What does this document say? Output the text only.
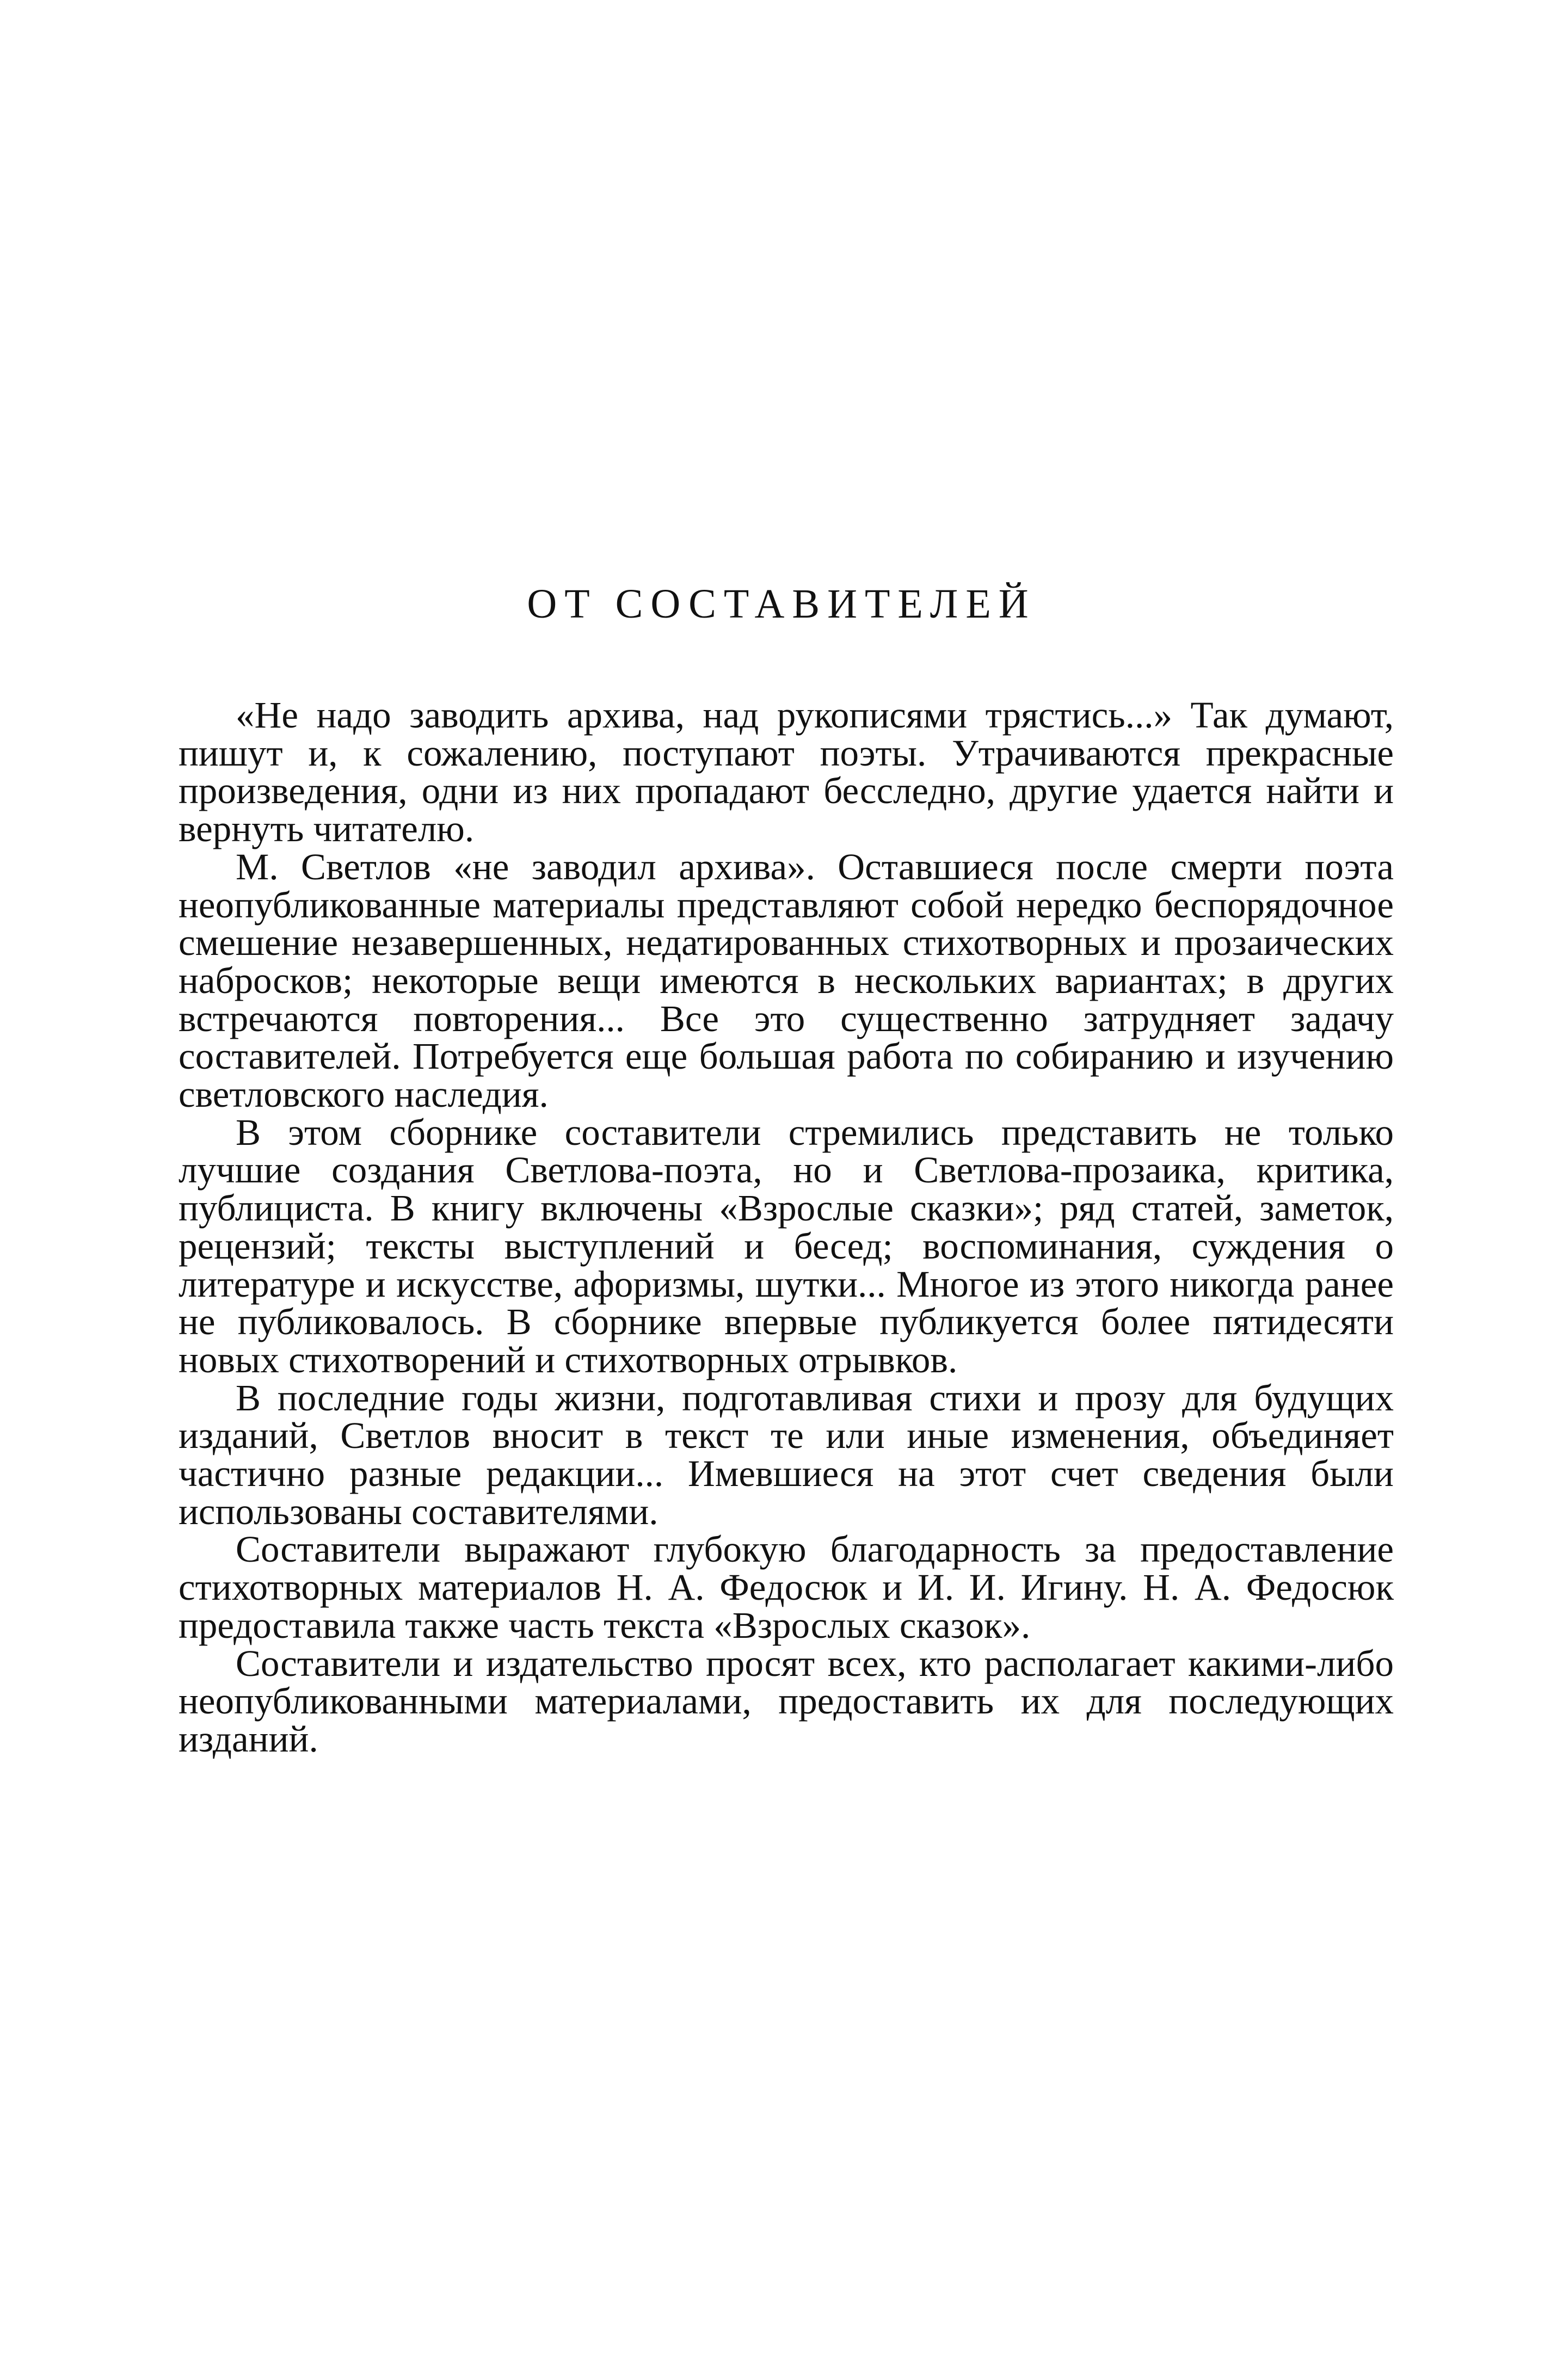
ОТ СОСТАВИТЕЛЕЙ

«Не надо заводить архива, над рукописями трястись...» Так думают, пишут и, к сожалению, поступают поэты. Утрачиваются прекрасные произведения, одни из них пропадают бесследно, другие удается найти и вернуть читателю.

М. Светлов «не заводил архива». Оставшиеся после смерти поэта неопубликованные материалы представляют собой нередко беспорядочное смешение незавершенных, недатированных стихотворных и прозаических набросков; некоторые вещи имеются в нескольких вариантах; в других встречаются повторения... Все это существенно затрудняет задачу составителей. Потребуется еще большая работа по собиранию и изучению светловского наследия.

В этом сборнике составители стремились представить не только лучшие создания Светлова-поэта, но и Светлова-прозаика, критика, публициста. В книгу включены «Взрослые сказки»; ряд статей, заметок, рецензий; тексты выступлений и бесед; воспоминания, суждения о литературе и искусстве, афоризмы, шутки... Многое из этого никогда ранее не публиковалось. В сборнике впервые публикуется более пятидесяти новых стихотворений и стихотворных отрывков.

В последние годы жизни, подготавливая стихи и прозу для будущих изданий, Светлов вносит в текст те или иные изменения, объединяет частично разные редакции... Имевшиеся на этот счет сведения были использованы составителями.

Составители выражают глубокую благодарность за предоставление стихотворных материалов Н. А. Федосюк и И. И. Игину. Н. А. Федосюк предоставила также часть текста «Взрослых сказок».

Составители и издательство просят всех, кто располагает какими-либо неопубликованными материалами, предоставить их для последующих изданий.
